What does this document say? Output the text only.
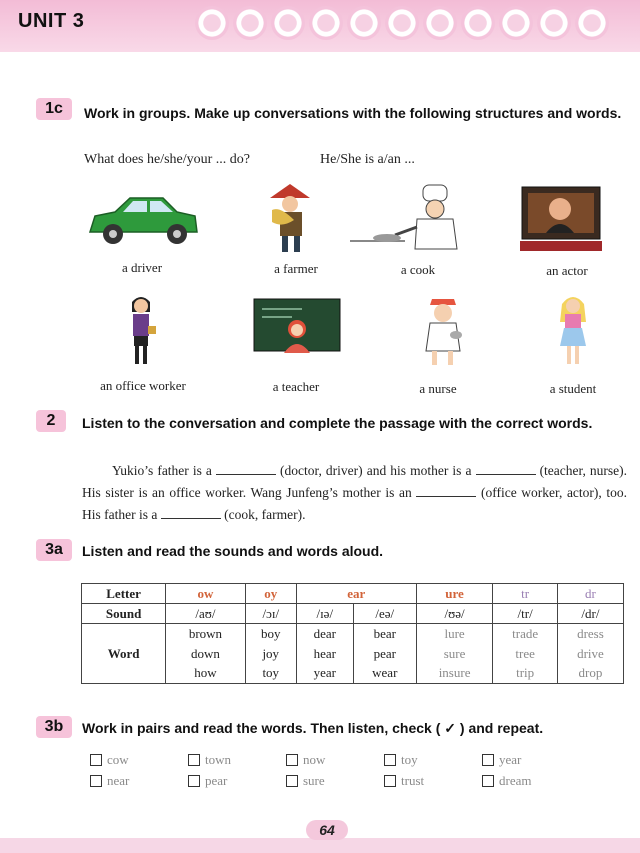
UNIT 3
1c	Work in groups. Make up conversations with the following structures and words.
What does he/she/your ... do?	He/She is a/an ...
a driver	a farmer	a cook	an actor
an office worker	a teacher	a nurse	a student
2	Listen to the conversation and complete the passage with the correct words.
Yukio’s father is a	(doctor, driver) and his mother is a	(teacher, nurse). His sister is an office worker. Wang Junfeng’s mother is an	(office worker, actor), too. His father is a	(cook, farmer).
3a	Listen and read the sounds and words aloud.
Letter	ow	oy	ear		ure	tr	dr
Sound	/aʊ/	/ɔɪ/	/ɪə/	/eə/	/ʊə/	/tr/	/dr/
Word	brown	boy	dear	bear	lure	trade	dress
	down	joy	hear	pear	sure	tree	drive
	how	toy	year	wear	insure	trip	drop
3b	Work in pairs and read the words. Then listen, check ( ✓ ) and repeat.
cow	town	now	toy	year
near	pear	sure	trust	dream
64
